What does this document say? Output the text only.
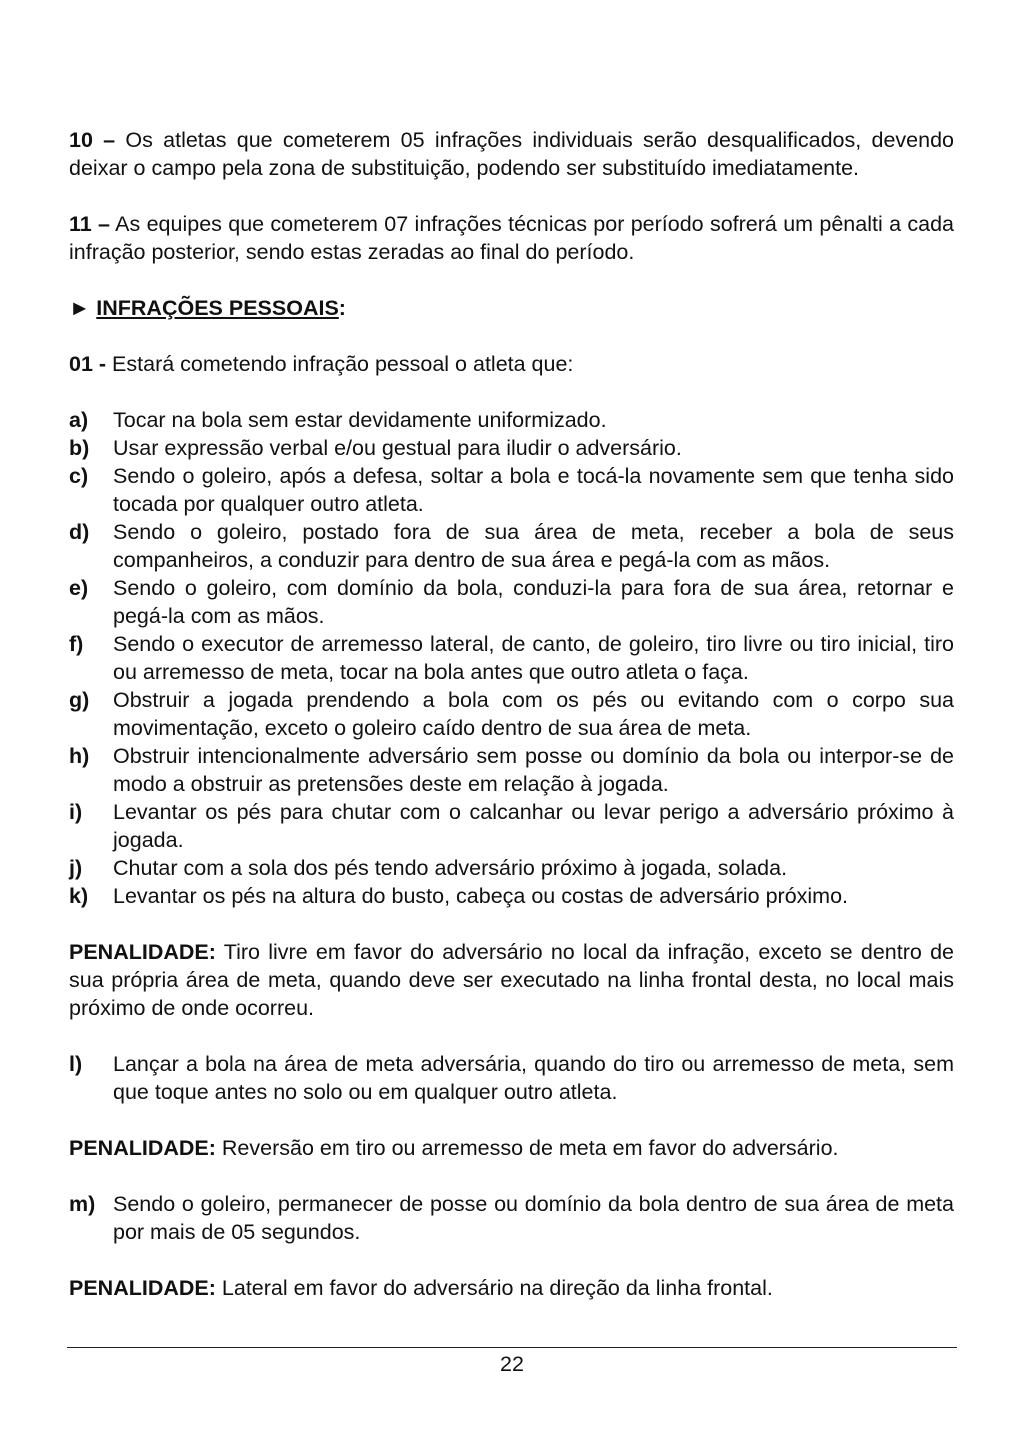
10 – Os atletas que cometerem 05 infrações individuais serão desqualificados, devendo deixar o campo pela zona de substituição, podendo ser substituído imediatamente.

11 – As equipes que cometerem 07 infrações técnicas por período sofrerá um pênalti a cada infração posterior, sendo estas zeradas ao final do período.

► INFRAÇÕES PESSOAIS:

01 - Estará cometendo infração pessoal o atleta que:

a)	Tocar na bola sem estar devidamente uniformizado.
b)	Usar expressão verbal e/ou gestual para iludir o adversário.
c)	Sendo o goleiro, após a defesa, soltar a bola e tocá-la novamente sem que tenha sido tocada por qualquer outro atleta.
d)	Sendo o goleiro, postado fora de sua área de meta, receber a bola de seus companheiros, a conduzir para dentro de sua área e pegá-la com as mãos.
e)	Sendo o goleiro, com domínio da bola, conduzi-la para fora de sua área, retornar e pegá-la com as mãos.
f)	Sendo o executor de arremesso lateral, de canto, de goleiro, tiro livre ou tiro inicial, tiro ou arremesso de meta, tocar na bola antes que outro atleta o faça.
g)	Obstruir a jogada prendendo a bola com os pés ou evitando com o corpo sua movimentação, exceto o goleiro caído dentro de sua área de meta.
h)	Obstruir intencionalmente adversário sem posse ou domínio da bola ou interpor-se de modo a obstruir as pretensões deste em relação à jogada.
i)	Levantar os pés para chutar com o calcanhar ou levar perigo a adversário próximo à jogada.
j)	Chutar com a sola dos pés tendo adversário próximo à jogada, solada.
k)	Levantar os pés na altura do busto, cabeça ou costas de adversário próximo.

PENALIDADE: Tiro livre em favor do adversário no local da infração, exceto se dentro de sua própria área de meta, quando deve ser executado na linha frontal desta, no local mais próximo de onde ocorreu.

l)	Lançar a bola na área de meta adversária, quando do tiro ou arremesso de meta, sem que toque antes no solo ou em qualquer outro atleta.

PENALIDADE: Reversão em tiro ou arremesso de meta em favor do adversário.

m) Sendo o goleiro, permanecer de posse ou domínio da bola dentro de sua área de meta por mais de 05 segundos.

PENALIDADE: Lateral em favor do adversário na direção da linha frontal.

22
